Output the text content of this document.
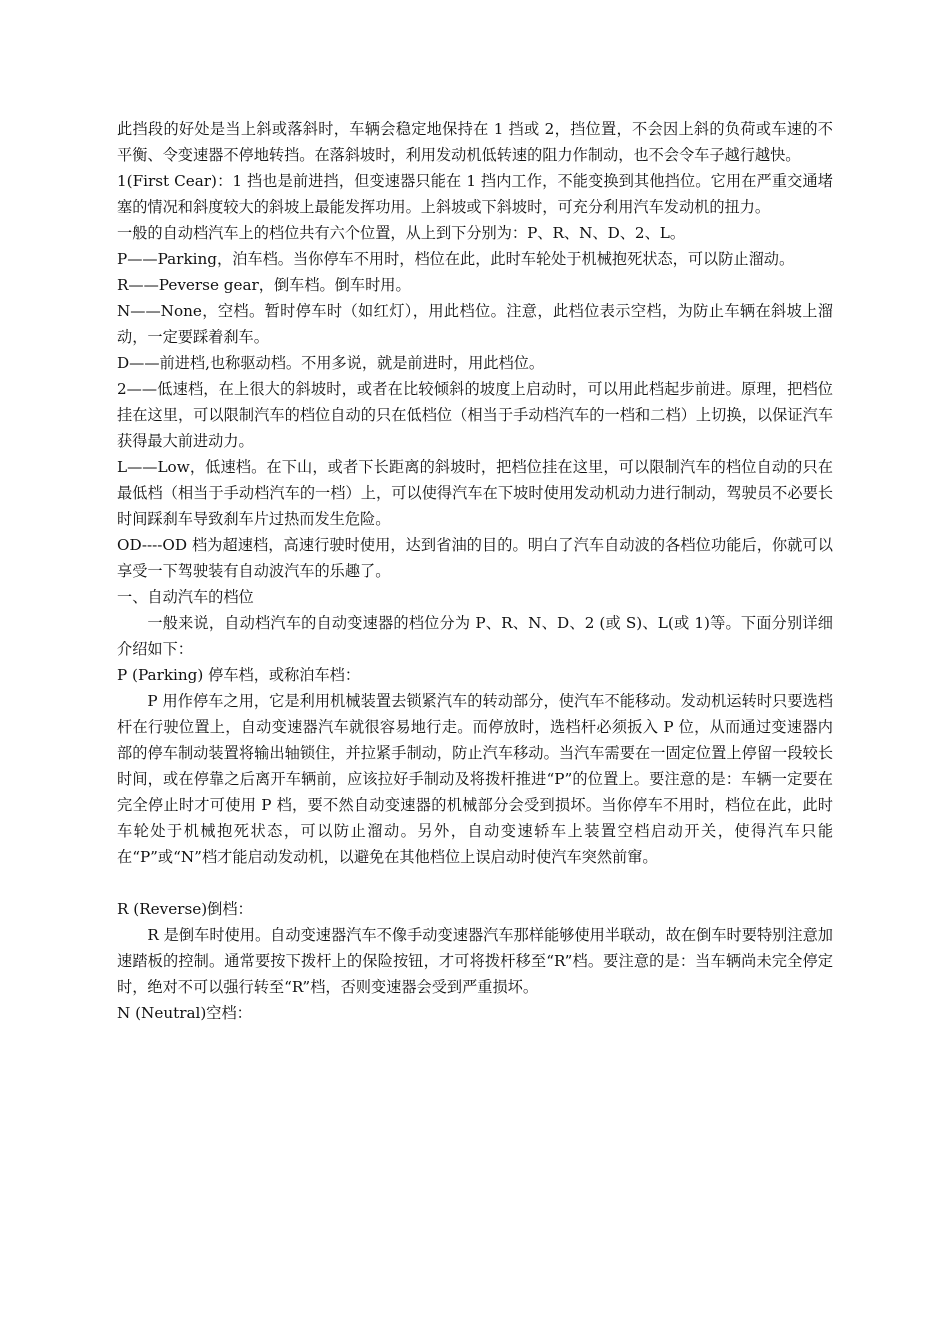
此挡段的好处是当上斜或落斜时，车辆会稳定地保持在 1 挡或 2，挡位置，不会因上斜的负荷或车速的不平衡、令变速器不停地转挡。在落斜坡时，利用发动机低转速的阻力作制动，也不会令车子越行越快。

1(First Cear)：1 挡也是前进挡，但变速器只能在 1 挡内工作，不能变换到其他挡位。它用在严重交通堵塞的情况和斜度较大的斜坡上最能发挥功用。上斜坡或下斜坡时，可充分利用汽车发动机的扭力。

一般的自动档汽车上的档位共有六个位置，从上到下分别为：P、R、N、D、2、L。

P——Parking，泊车档。当你停车不用时，档位在此，此时车轮处于机械抱死状态，可以防止溜动。

R——Peverse gear，倒车档。倒车时用。

N——None，空档。暂时停车时（如红灯），用此档位。注意，此档位表示空档，为防止车辆在斜坡上溜动，一定要踩着刹车。

D——前进档,也称驱动档。不用多说，就是前进时，用此档位。

2——低速档，在上很大的斜坡时，或者在比较倾斜的坡度上启动时，可以用此档起步前进。原理，把档位挂在这里，可以限制汽车的档位自动的只在低档位（相当于手动档汽车的一档和二档）上切换，以保证汽车获得最大前进动力。

L——Low，低速档。在下山，或者下长距离的斜坡时，把档位挂在这里，可以限制汽车的档位自动的只在最低档（相当于手动档汽车的一档）上，可以使得汽车在下坡时使用发动机动力进行制动，驾驶员不必要长时间踩刹车导致刹车片过热而发生危险。

OD----OD 档为超速档，高速行驶时使用，达到省油的目的。明白了汽车自动波的各档位功能后，你就可以享受一下驾驶装有自动波汽车的乐趣了。

一、自动汽车的档位

一般来说，自动档汽车的自动变速器的档位分为 P、R、N、D、2 (或 S)、L(或 1)等。下面分别详细介绍如下：

P (Parking) 停车档，或称泊车档：

P 用作停车之用，它是利用机械装置去锁紧汽车的转动部分，使汽车不能移动。发动机运转时只要选档杆在行驶位置上，自动变速器汽车就很容易地行走。而停放时，选档杆必须扳入 P 位，从而通过变速器内部的停车制动装置将输出轴锁住，并拉紧手制动，防止汽车移动。当汽车需要在一固定位置上停留一段较长时间，或在停靠之后离开车辆前，应该拉好手制动及将拨杆推进“P”的位置上。要注意的是：车辆一定要在完全停止时才可使用 P 档，要不然自动变速器的机械部分会受到损坏。当你停车不用时，档位在此，此时车轮处于机械抱死状态，可以防止溜动。另外，自动变速轿车上装置空档启动开关，使得汽车只能在“P”或“N”档才能启动发动机，以避免在其他档位上误启动时使汽车突然前窜。

R (Reverse)倒档：

R 是倒车时使用。自动变速器汽车不像手动变速器汽车那样能够使用半联动，故在倒车时要特别注意加速踏板的控制。通常要按下拨杆上的保险按钮，才可将拨杆移至“R”档。要注意的是：当车辆尚未完全停定时，绝对不可以强行转至“R”档，否则变速器会受到严重损坏。

N (Neutral)空档：
